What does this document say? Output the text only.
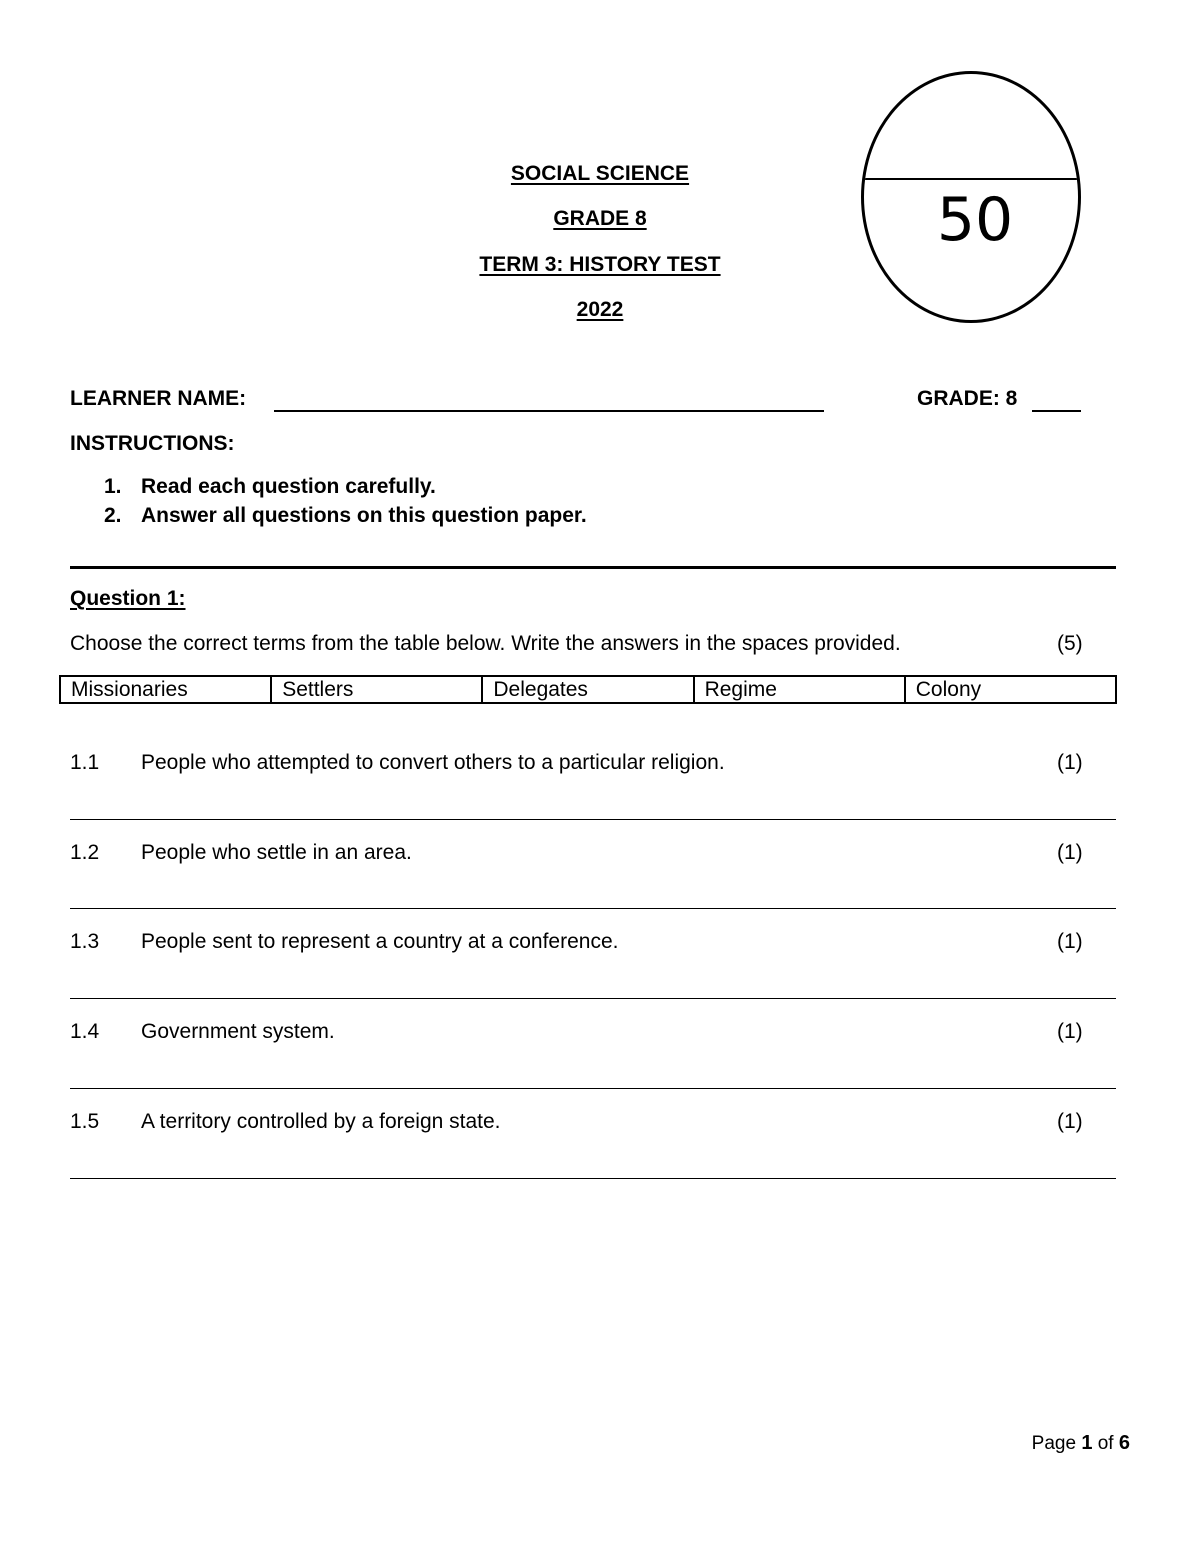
SOCIAL SCIENCE
GRADE 8
TERM 3: HISTORY TEST
2022
50
LEARNER NAME:	GRADE: 8
INSTRUCTIONS:
1. Read each question carefully.
2. Answer all questions on this question paper.
Question 1:
Choose the correct terms from the table below. Write the answers in the spaces provided.	(5)
Missionaries	Settlers	Delegates	Regime	Colony
1.1 People who attempted to convert others to a particular religion.	(1)
1.2 People who settle in an area.	(1)
1.3 People sent to represent a country at a conference.	(1)
1.4 Government system.	(1)
1.5 A territory controlled by a foreign state.	(1)
Page 1 of 6
